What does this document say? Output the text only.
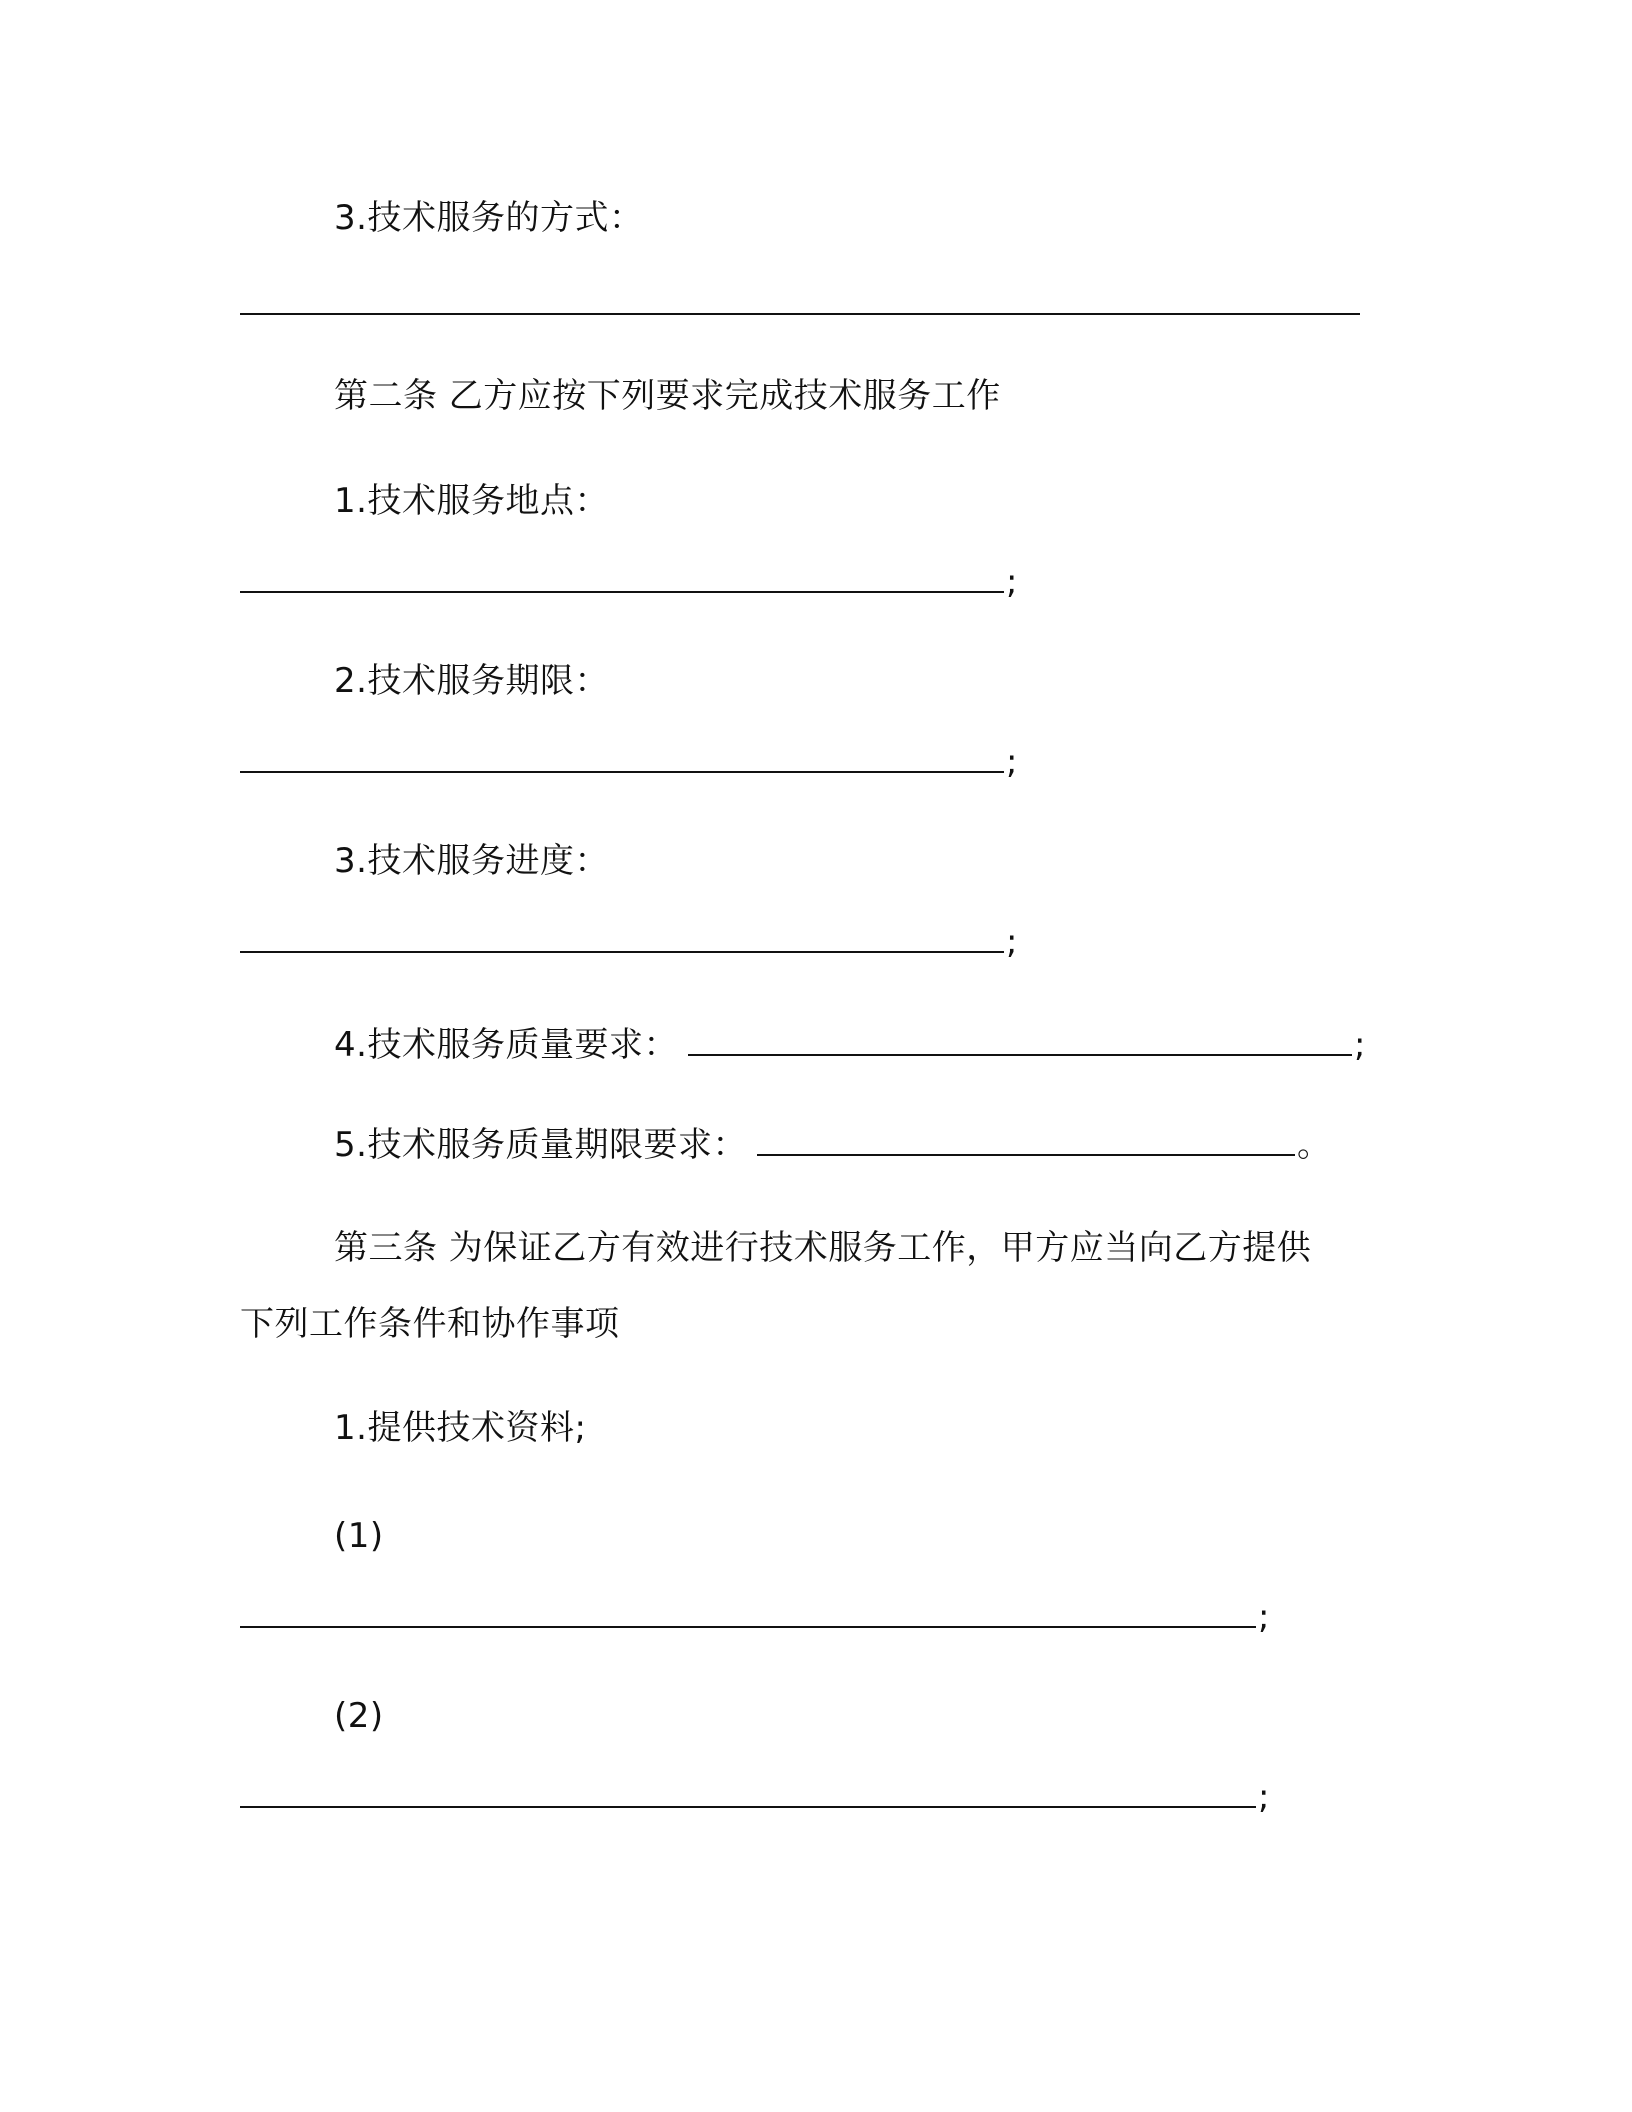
3.技术服务的方式：
第二条 乙方应按下列要求完成技术服务工作
1.技术服务地点：
;
2.技术服务期限：
;
3.技术服务进度：
;
4.技术服务质量要求：	;
5.技术服务质量期限要求：	。
第三条 为保证乙方有效进行技术服务工作，甲方应当向乙方提供
下列工作条件和协作事项
1.提供技术资料;
(1)
;
(2)
;
